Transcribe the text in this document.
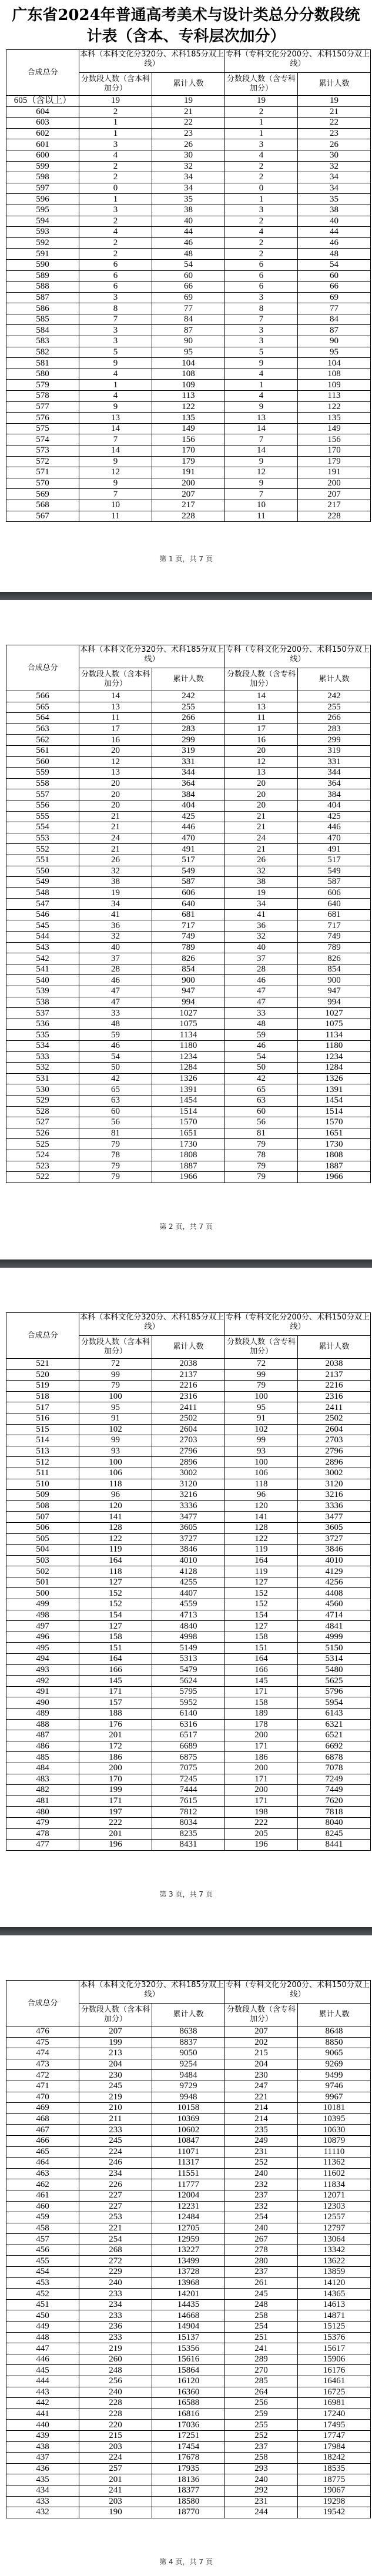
广东省2024年普通高考美术与设计类总分分数段统
计表（含本、专科层次加分）
合成总分	本科（本科文化分320分、术科185分双上线）		专科（专科文化分200分、术科150分双上线）	
	分数段人数（含本科加分）	累计人数	分数段人数（含专科加分）	累计人数
605（含以上）	19	19	19	19
604	2	21	2	21
603	1	22	1	22
602	1	23	1	23
601	3	26	3	26
600	4	30	4	30
599	2	32	2	32
598	2	34	2	34
597	0	34	0	34
596	1	35	1	35
595	3	38	3	38
594	2	40	2	40
593	4	44	4	44
592	2	46	2	46
591	2	48	2	48
590	6	54	6	54
589	6	60	6	60
588	6	66	6	66
587	3	69	3	69
586	8	77	8	77
585	7	84	7	84
584	3	87	3	87
583	3	90	3	90
582	5	95	5	95
581	9	104	9	104
580	4	108	4	108
579	1	109	1	109
578	4	113	4	113
577	9	122	9	122
576	13	135	13	135
575	14	149	14	149
574	7	156	7	156
573	14	170	14	170
572	9	179	9	179
571	12	191	12	191
570	9	200	9	200
569	7	207	7	207
568	10	217	10	217
567	11	228	11	228
第 1 页，共 7 页
合成总分	本科（本科文化分320分、术科185分双上线）		专科（专科文化分200分、术科150分双上线）	
	分数段人数（含本科加分）	累计人数	分数段人数（含专科加分）	累计人数
566	14	242	14	242
565	13	255	13	255
564	11	266	11	266
563	17	283	17	283
562	16	299	16	299
561	20	319	20	319
560	12	331	12	331
559	13	344	13	344
558	20	364	20	364
557	20	384	20	384
556	20	404	20	404
555	21	425	21	425
554	21	446	21	446
553	24	470	24	470
552	21	491	21	491
551	26	517	26	517
550	32	549	32	549
549	38	587	38	587
548	19	606	19	606
547	34	640	34	640
546	41	681	41	681
545	36	717	36	717
544	32	749	32	749
543	40	789	40	789
542	37	826	37	826
541	28	854	28	854
540	46	900	46	900
539	47	947	47	947
538	47	994	47	994
537	33	1027	33	1027
536	48	1075	48	1075
535	59	1134	59	1134
534	46	1180	46	1180
533	54	1234	54	1234
532	50	1284	50	1284
531	42	1326	42	1326
530	65	1391	65	1391
529	63	1454	63	1454
528	60	1514	60	1514
527	56	1570	56	1570
526	81	1651	81	1651
525	79	1730	79	1730
524	78	1808	78	1808
523	79	1887	79	1887
522	79	1966	79	1966
第 2 页，共 7 页
合成总分	本科（本科文化分320分、术科185分双上线）		专科（专科文化分200分、术科150分双上线）	
	分数段人数（含本科加分）	累计人数	分数段人数（含专科加分）	累计人数
521	72	2038	72	2038
520	99	2137	99	2137
519	79	2216	79	2216
518	100	2316	100	2316
517	95	2411	95	2411
516	91	2502	91	2502
515	102	2604	102	2604
514	99	2703	99	2703
513	93	2796	93	2796
512	100	2896	100	2896
511	106	3002	106	3002
510	118	3120	118	3120
509	96	3216	96	3216
508	120	3336	120	3336
507	141	3477	141	3477
506	128	3605	128	3605
505	122	3727	122	3727
504	119	3846	119	3846
503	164	4010	164	4010
502	118	4128	119	4129
501	127	4255	127	4256
500	152	4407	152	4408
499	152	4559	152	4560
498	154	4713	154	4714
497	127	4840	127	4841
496	158	4998	158	4999
495	151	5149	151	5150
494	164	5313	164	5314
493	166	5479	166	5480
492	145	5624	145	5625
491	171	5795	171	5796
490	157	5952	158	5954
489	188	6140	189	6143
488	176	6316	178	6321
487	201	6517	200	6521
486	172	6689	171	6692
485	186	6875	186	6878
484	200	7075	200	7078
483	170	7245	171	7249
482	199	7444	200	7449
481	171	7615	171	7620
480	197	7812	198	7818
479	222	8034	222	8040
478	201	8235	205	8245
477	196	8431	196	8441
第 3 页，共 7 页
合成总分	本科（本科文化分320分、术科185分双上线）		专科（专科文化分200分、术科150分双上线）	
	分数段人数（含本科加分）	累计人数	分数段人数（含专科加分）	累计人数
476	207	8638	207	8648
475	199	8837	202	8850
474	213	9050	215	9065
473	204	9254	204	9269
472	230	9484	230	9499
471	245	9729	247	9746
470	219	9948	221	9967
469	210	10158	214	10181
468	211	10369	214	10395
467	233	10602	235	10630
466	245	10847	249	10879
465	224	11071	231	11110
464	246	11317	252	11362
463	234	11551	240	11602
462	226	11777	232	11834
461	227	12004	237	12071
460	227	12231	232	12303
459	253	12484	254	12557
458	221	12705	240	12797
457	254	12959	267	13064
456	268	13227	278	13342
455	272	13499	280	13622
454	229	13728	237	13859
453	240	13968	261	14120
452	233	14201	245	14365
451	234	14435	248	14613
450	233	14668	258	14871
449	236	14904	254	15125
448	233	15137	251	15376
447	219	15356	241	15617
446	260	15616	289	15906
445	248	15864	270	16176
444	256	16120	285	16461
443	240	16360	264	16725
442	228	16588	256	16981
441	228	16816	259	17240
440	220	17036	255	17495
439	215	17251	252	17747
438	203	17454	237	17984
437	224	17678	258	18242
436	257	17935	293	18535
435	201	18136	240	18775
434	241	18377	292	19067
433	203	18580	231	19298
432	190	18770	244	19542
第 4 页，共 7 页
